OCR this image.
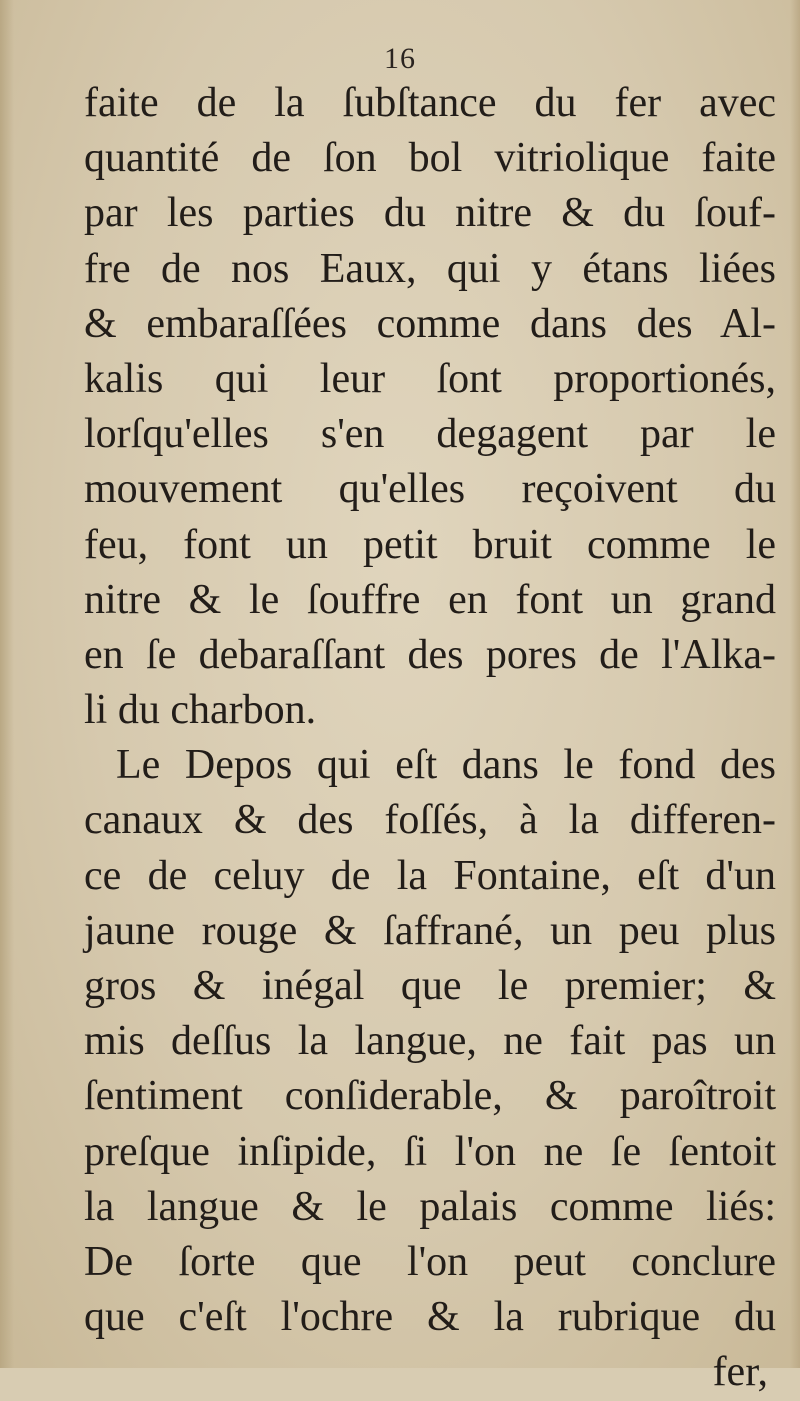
16
faite de la ſubſtance du fer avec
quantité de ſon bol vitriolique faite
par les parties du nitre & du ſouf-
fre de nos Eaux, qui y étans liées
& embaraſſées comme dans des Al-
kalis qui leur ſont proportionés,
lorſqu'elles s'en degagent par le
mouvement qu'elles reçoivent du
feu, font un petit bruit comme le
nitre & le ſouffre en font un grand
en ſe debaraſſant des pores de l'Alka-
li du charbon.
Le Depos qui eſt dans le fond des
canaux & des foſſés, à la differen-
ce de celuy de la Fontaine, eſt d'un
jaune rouge & ſaffrané, un peu plus
gros & inégal que le premier; &
mis deſſus la langue, ne fait pas un
ſentiment conſiderable, & paroîtroit
preſque inſipide, ſi l'on ne ſe ſentoit
la langue & le palais comme liés:
De ſorte que l'on peut conclure
que c'eſt l'ochre & la rubrique du
fer,
